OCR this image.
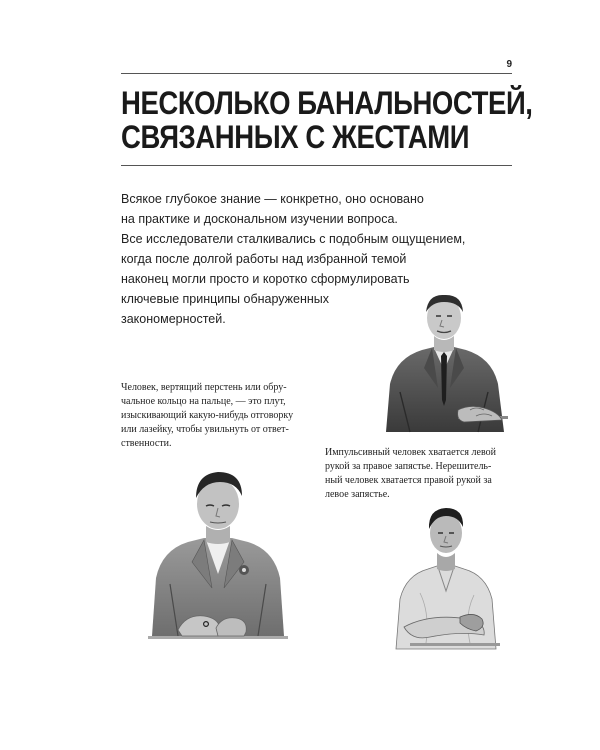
9
НЕСКОЛЬКО БАНАЛЬНОСТЕЙ,
СВЯЗАННЫХ С ЖЕСТАМИ

Всякое глубокое знание — конкретно, оно основано
на практике и доскональном изучении вопроса.
Все исследователи сталкивались с подобным ощущением,
когда после долгой работы над избранной темой
наконец могли просто и коротко сформулировать
ключевые принципы обнаруженных
закономерностей.

Человек, вертящий перстень или обру-
чальное кольцо на пальце, — это плут,
изыскивающий какую-нибудь отговорку
или лазейку, чтобы увильнуть от ответ-
ственности.

Импульсивный человек хватается левой
рукой за правое запястье. Нерешитель-
ный человек хватается правой рукой за
левое запястье.
